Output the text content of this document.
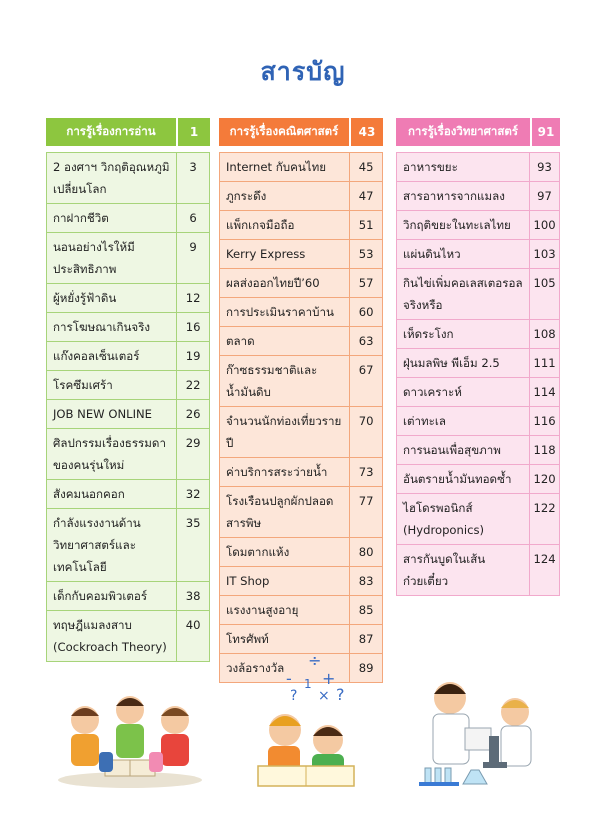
สารบัญ
การรู้เรื่องการอ่าน	1
2 องศาฯ วิกฤติอุณหภูมิเปลี่ยนโลก	3
กาฝากชีวิต	6
นอนอย่างไรให้มีประสิทธิภาพ	9
ผู้หยั่งรู้ฟ้าดิน	12
การโฆษณาเกินจริง	16
แก๊งคอลเซ็นเตอร์	19
โรคซึมเศร้า	22
JOB NEW ONLINE	26
ศิลปกรรมเรื่องธรรมดาของคนรุ่นใหม่	29
สังคมนอกคอก	32
กำลังแรงงานด้านวิทยาศาสตร์และเทคโนโลยี	35
เด็กกับคอมพิวเตอร์	38
ทฤษฎีแมลงสาบ (Cockroach Theory)	40
การรู้เรื่องคณิตศาสตร์	43
Internet กับคนไทย	45
ภูกระดึง	47
แพ็กเกจมือถือ	51
Kerry Express	53
ผลส่งออกไทยปี’60	57
การประเมินราคาบ้าน	60
ตลาด	63
ก๊าซธรรมชาติและน้ำมันดิบ	67
จำนวนนักท่องเที่ยวรายปี	70
ค่าบริการสระว่ายน้ำ	73
โรงเรือนปลูกผักปลอดสารพิษ	77
โดมตากแห้ง	80
IT Shop	83
แรงงานสูงอายุ	85
โทรศัพท์	87
วงล้อรางวัล	89
การรู้เรื่องวิทยาศาสตร์	91
อาหารขยะ	93
สารอาหารจากแมลง	97
วิกฤติขยะในทะเลไทย	100
แผ่นดินไหว	103
กินไข่เพิ่มคอเลสเตอรอลจริงหรือ	105
เห็ดระโงก	108
ฝุ่นมลพิษ พีเอ็ม 2.5	111
ดาวเคราะห์	114
เต่าทะเล	116
การนอนเพื่อสุขภาพ	118
อันตรายน้ำมันทอดซ้ำ	120
ไฮโดรพอนิกส์ (Hydroponics)	122
สารกันบูดในเส้นก๋วยเตี๋ยว	124
÷
- +
1
× ?
?
